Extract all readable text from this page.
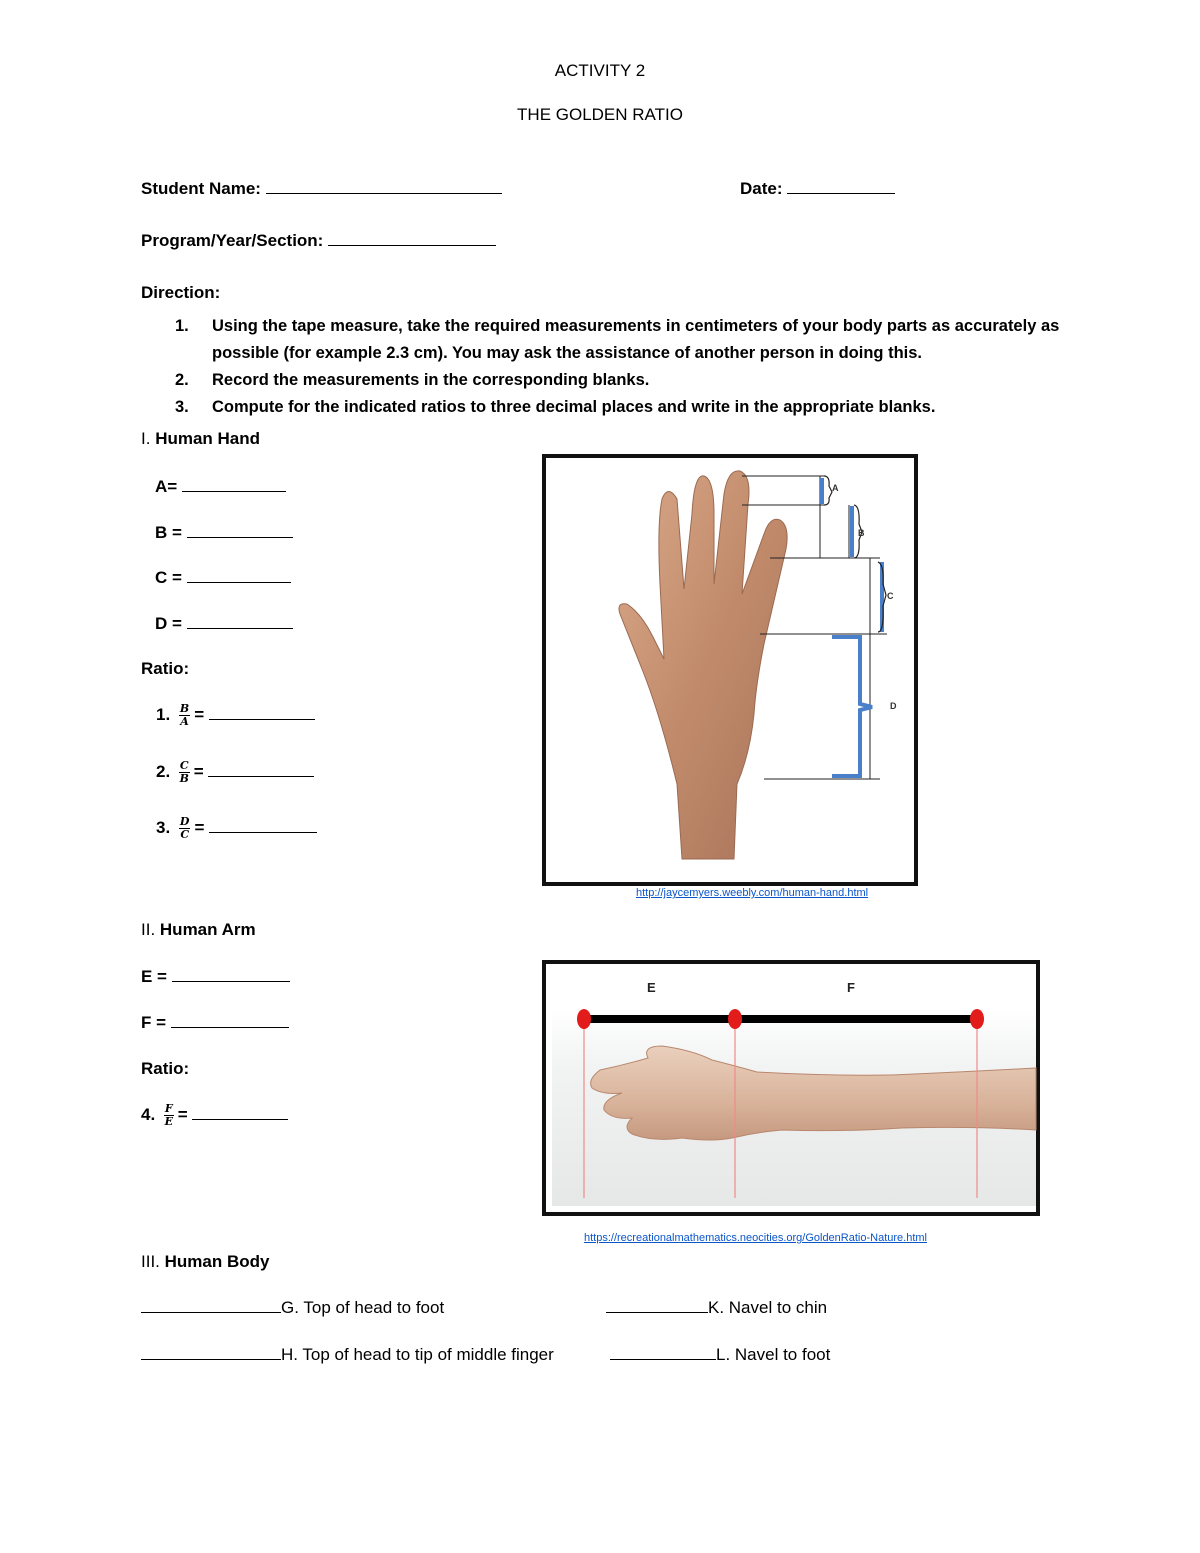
ACTIVITY 2
THE GOLDEN RATIO
Student Name:	Date:
Program/Year/Section:
Direction:
1. Using the tape measure, take the required measurements in centimeters of your body parts as accurately as possible (for example 2.3 cm). You may ask the assistance of another person in doing this.
2. Record the measurements in the corresponding blanks.
3. Compute for the indicated ratios to three decimal places and write in the appropriate blanks.
I. Human Hand
A=
B =
C =
D =
Ratio:
1. $\frac{B}{A}$ =
2. $\frac{C}{B}$ =
3. $\frac{D}{C}$ =
A
B
C
D
http://jaycemyers.weebly.com/human-hand.html
II. Human Arm
E =
F =
Ratio:
4. $\frac{F}{E}$ =
E	F
https://recreationalmathematics.neocities.org/GoldenRatio-Nature.html
III. Human Body
G. Top of head to foot	K. Navel to chin
H. Top of head to tip of middle finger	L. Navel to foot
